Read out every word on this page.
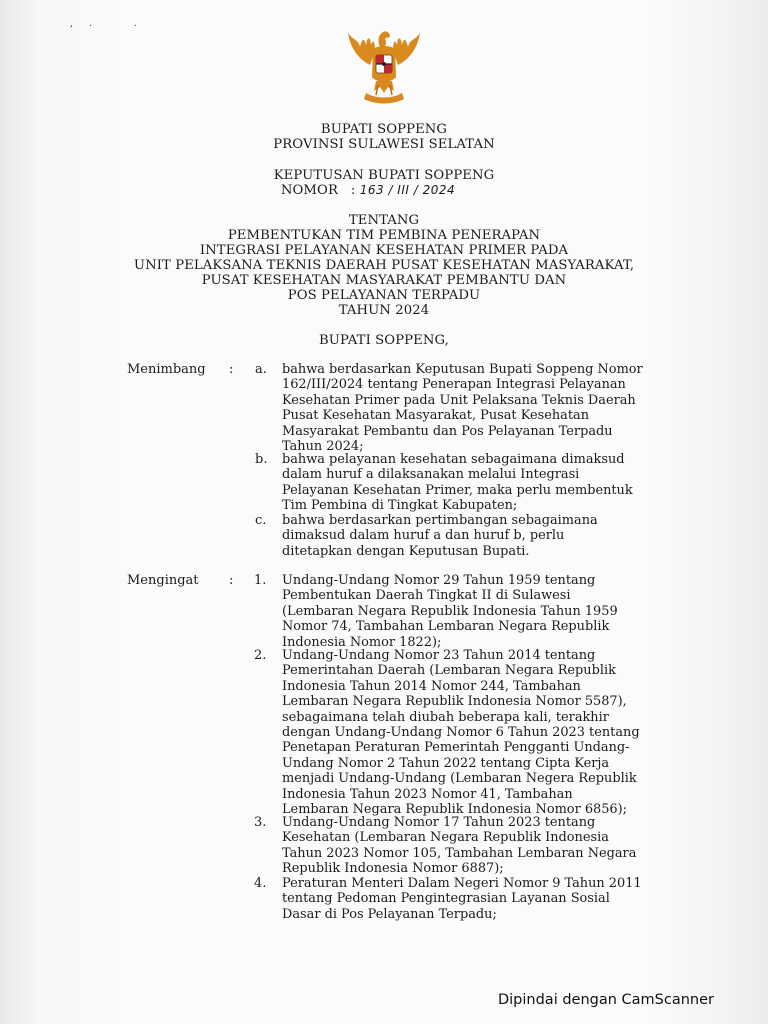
,     .             .
BUPATI SOPPENG
PROVINSI SULAWESI SELATAN
KEPUTUSAN BUPATI SOPPENG
NOMOR : 163 / III / 2024
TENTANG
PEMBENTUKAN TIM PEMBINA PENERAPAN
INTEGRASI PELAYANAN KESEHATAN PRIMER PADA
UNIT PELAKSANA TEKNIS DAERAH PUSAT KESEHATAN MASYARAKAT,
PUSAT KESEHATAN MASYARAKAT PEMBANTU DAN
POS PELAYANAN TERPADU
TAHUN 2024
BUPATI SOPPENG,
Menimbang : a. bahwa berdasarkan Keputusan Bupati Soppeng Nomor
162/III/2024 tentang Penerapan Integrasi Pelayanan
Kesehatan Primer pada Unit Pelaksana Teknis Daerah
Pusat Kesehatan Masyarakat, Pusat Kesehatan
Masyarakat Pembantu dan Pos Pelayanan Terpadu
Tahun 2024;
b. bahwa pelayanan kesehatan sebagaimana dimaksud
dalam huruf a dilaksanakan melalui Integrasi
Pelayanan Kesehatan Primer, maka perlu membentuk
Tim Pembina di Tingkat Kabupaten;
c. bahwa berdasarkan pertimbangan sebagaimana
dimaksud dalam huruf a dan huruf b, perlu
ditetapkan dengan Keputusan Bupati.
Mengingat : 1. Undang-Undang Nomor 29 Tahun 1959 tentang
Pembentukan Daerah Tingkat II di Sulawesi
(Lembaran Negara Republik Indonesia Tahun 1959
Nomor 74, Tambahan Lembaran Negara Republik
Indonesia Nomor 1822);
2. Undang-Undang Nomor 23 Tahun 2014 tentang
Pemerintahan Daerah (Lembaran Negara Republik
Indonesia Tahun 2014 Nomor 244, Tambahan
Lembaran Negara Republik Indonesia Nomor 5587),
sebagaimana telah diubah beberapa kali, terakhir
dengan Undang-Undang Nomor 6 Tahun 2023 tentang
Penetapan Peraturan Pemerintah Pengganti Undang-
Undang Nomor 2 Tahun 2022 tentang Cipta Kerja
menjadi Undang-Undang (Lembaran Negera Republik
Indonesia Tahun 2023 Nomor 41, Tambahan
Lembaran Negara Republik Indonesia Nomor 6856);
3. Undang-Undang Nomor 17 Tahun 2023 tentang
Kesehatan (Lembaran Negara Republik Indonesia
Tahun 2023 Nomor 105, Tambahan Lembaran Negara
Republik Indonesia Nomor 6887);
4. Peraturan Menteri Dalam Negeri Nomor 9 Tahun 2011
tentang Pedoman Pengintegrasian Layanan Sosial
Dasar di Pos Pelayanan Terpadu;
Dipindai dengan CamScanner
